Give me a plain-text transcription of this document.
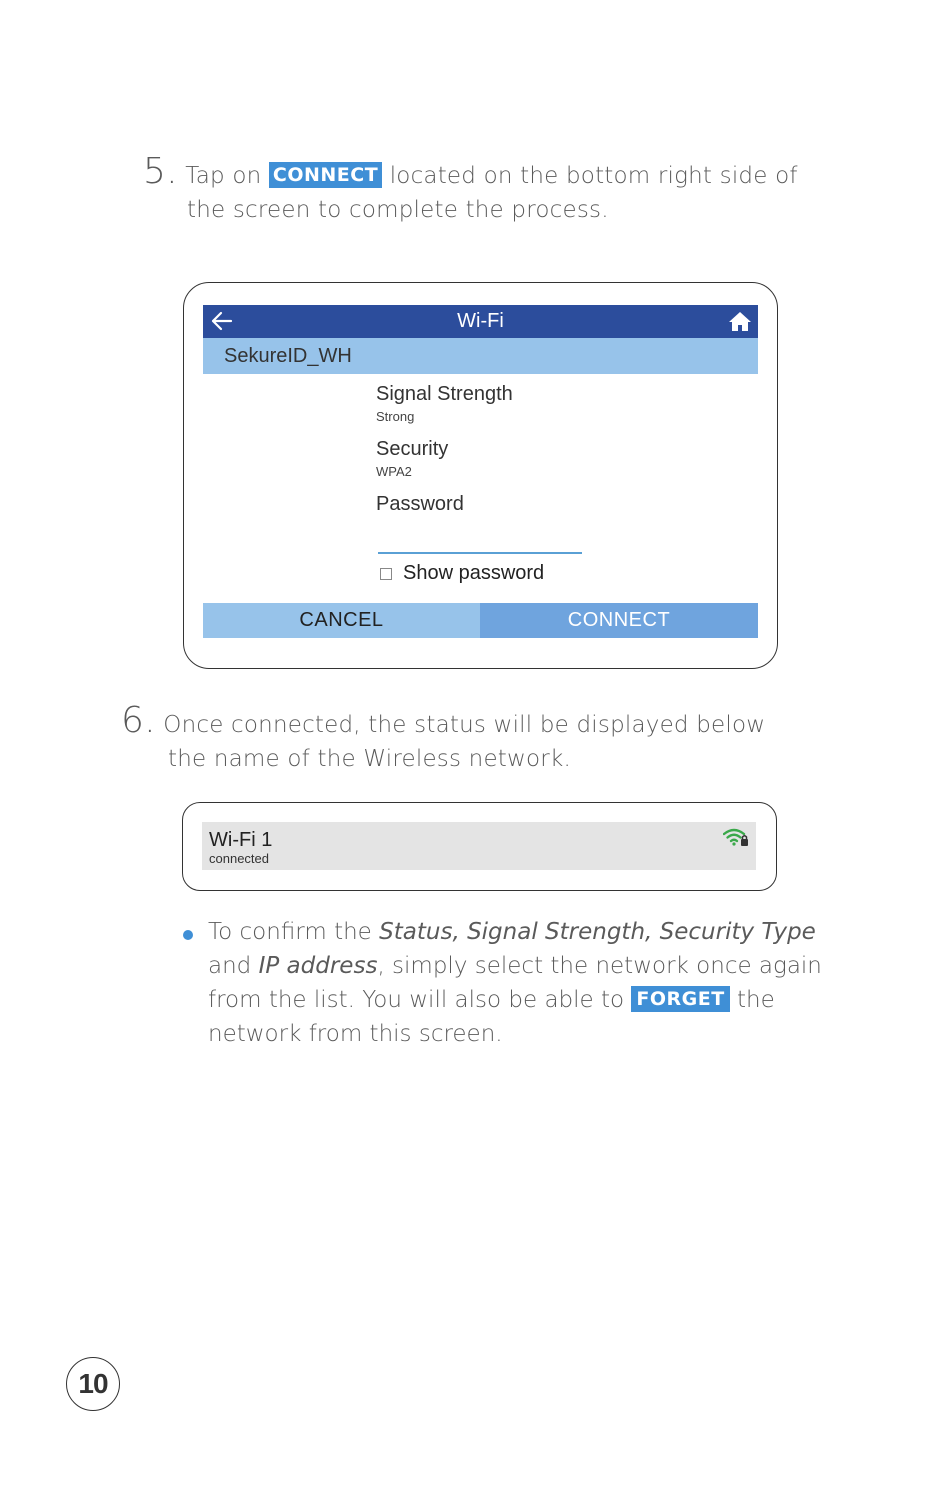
5. Tap on CONNECT located on the bottom right side of
the screen to complete the process.
Wi-Fi
SekureID_WH
Signal Strength
Strong
Security
WPA2
Password
Show password
CANCEL	CONNECT
6. Once connected, the status will be displayed below
the name of the Wireless network.
Wi-Fi 1
connected
To confirm the Status, Signal Strength, Security Type
and IP address, simply select the network once again
from the list. You will also be able to FORGET the
network from this screen.
10
